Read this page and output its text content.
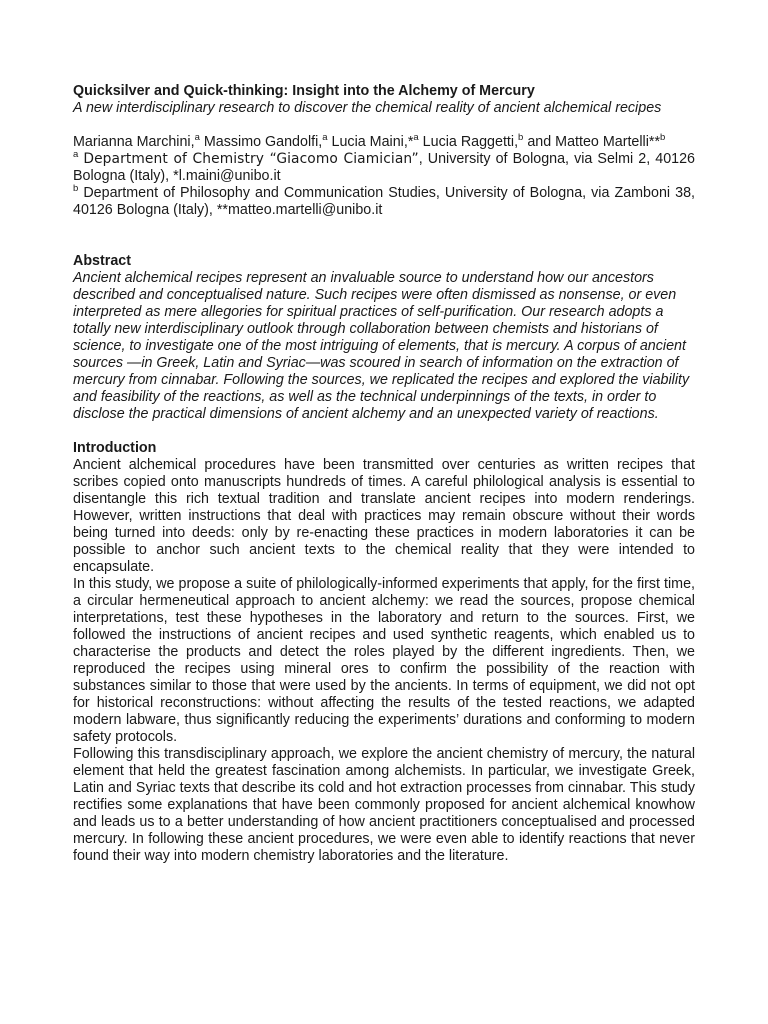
Quicksilver and Quick-thinking: Insight into the Alchemy of Mercury

A new interdisciplinary research to discover the chemical reality of ancient alchemical recipes

Marianna Marchini,$^a$ Massimo Gandolfi,$^a$ Lucia Maini,*$^a$ Lucia Raggetti,$^b$ and Matteo Martelli**$^b$

$^a$ Department of Chemistry “Giacomo Ciamician”, University of Bologna, via Selmi 2, 40126 Bologna (Italy), *l.maini@unibo.it

$^b$ Department of Philosophy and Communication Studies, University of Bologna, via Zamboni 38, 40126 Bologna (Italy), **matteo.martelli@unibo.it

Abstract

Ancient alchemical recipes represent an invaluable source to understand how our ancestors described and conceptualised nature. Such recipes were often dismissed as nonsense, or even interpreted as mere allegories for spiritual practices of self-purification. Our research adopts a totally new interdisciplinary outlook through collaboration between chemists and historians of science, to investigate one of the most intriguing of elements, that is mercury. A corpus of ancient sources —in Greek, Latin and Syriac—was scoured in search of information on the extraction of mercury from cinnabar. Following the sources, we replicated the recipes and explored the viability and feasibility of the reactions, as well as the technical underpinnings of the texts, in order to disclose the practical dimensions of ancient alchemy and an unexpected variety of reactions.

Introduction

Ancient alchemical procedures have been transmitted over centuries as written recipes that scribes copied onto manuscripts hundreds of times. A careful philological analysis is essential to disentangle this rich textual tradition and translate ancient recipes into modern renderings. However, written instructions that deal with practices may remain obscure without their words being turned into deeds: only by re-enacting these practices in modern laboratories it can be possible to anchor such ancient texts to the chemical reality that they were intended to encapsulate.

In this study, we propose a suite of philologically-informed experiments that apply, for the first time, a circular hermeneutical approach to ancient alchemy: we read the sources, propose chemical interpretations, test these hypotheses in the laboratory and return to the sources. First, we followed the instructions of ancient recipes and used synthetic reagents, which enabled us to characterise the products and detect the roles played by the different ingredients. Then, we reproduced the recipes using mineral ores to confirm the possibility of the reaction with substances similar to those that were used by the ancients. In terms of equipment, we did not opt for historical reconstructions: without affecting the results of the tested reactions, we adapted modern labware, thus significantly reducing the experiments’ durations and conforming to modern safety protocols.

Following this transdisciplinary approach, we explore the ancient chemistry of mercury, the natural element that held the greatest fascination among alchemists. In particular, we investigate Greek, Latin and Syriac texts that describe its cold and hot extraction processes from cinnabar. This study rectifies some explanations that have been commonly proposed for ancient alchemical knowhow and leads us to a better understanding of how ancient practitioners conceptualised and processed mercury. In following these ancient procedures, we were even able to identify reactions that never found their way into modern chemistry laboratories and the literature.
